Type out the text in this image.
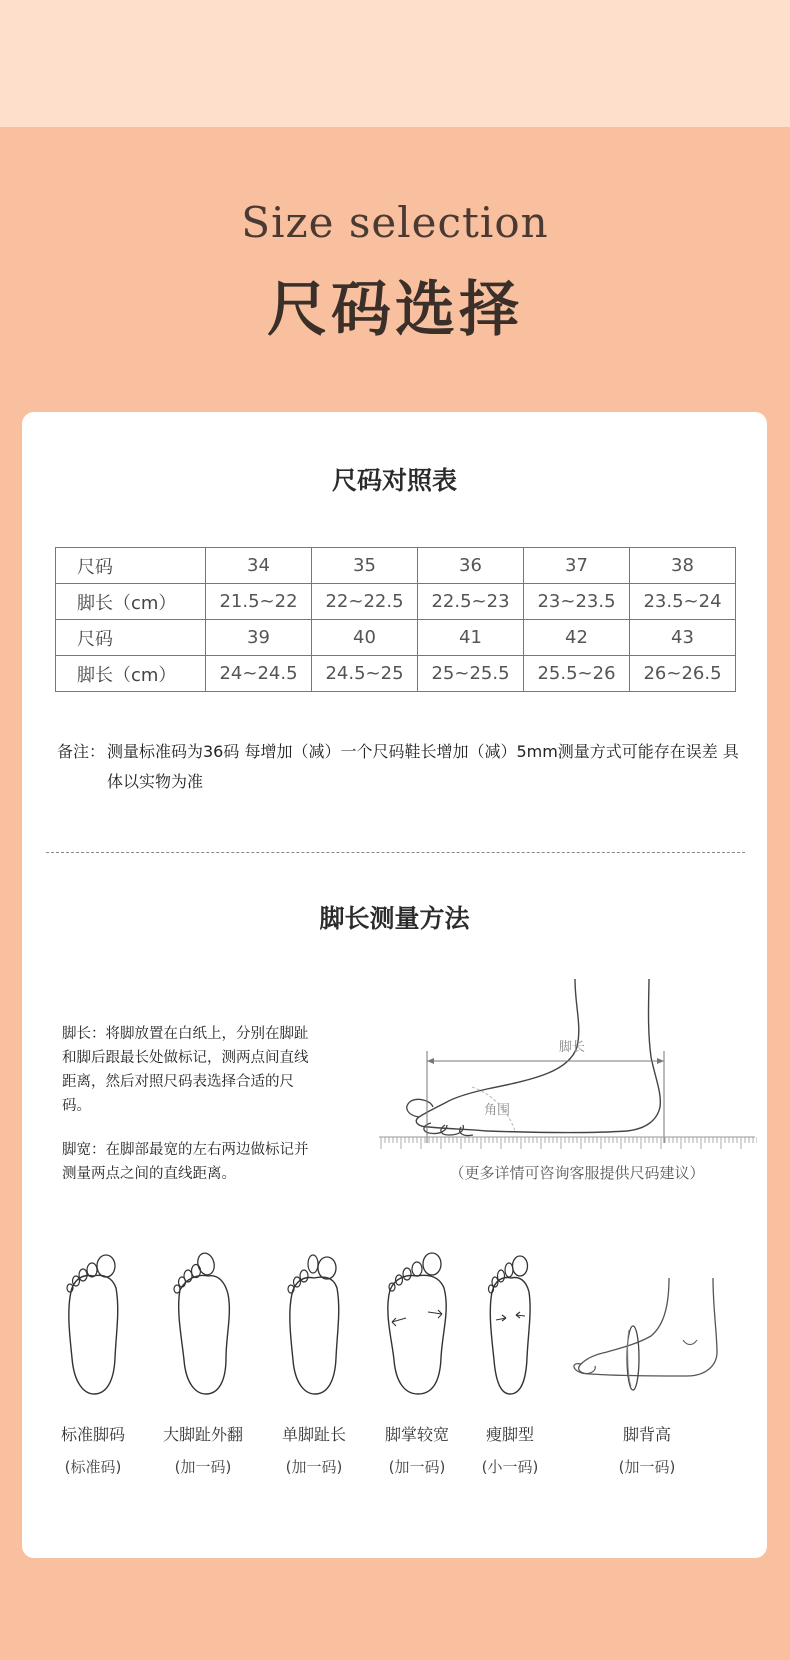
Size selection
尺码选择
尺码对照表
尺码	34	35	36	37	38
脚长（cm）	21.5~22	22~22.5	22.5~23	23~23.5	23.5~24
尺码	39	40	41	42	43
脚长（cm）	24~24.5	24.5~25	25~25.5	25.5~26	26~26.5
备注： 测量标准码为36码 每增加（减）一个尺码鞋长增加（减）5mm测量方式可能存在误差 具体以实物为准
脚长测量方法
脚长：将脚放置在白纸上，分别在脚趾和脚后跟最长处做标记，测两点间直线距离，然后对照尺码表选择合适的尺码。
脚宽：在脚部最宽的左右两边做标记并测量两点之间的直线距离。
脚长
角围
（更多详情可咨询客服提供尺码建议）
标准脚码
(标准码)
大脚趾外翻
(加一码)
单脚趾长
(加一码)
脚掌较宽
(加一码)
瘦脚型
(小一码)
脚背高
(加一码)
